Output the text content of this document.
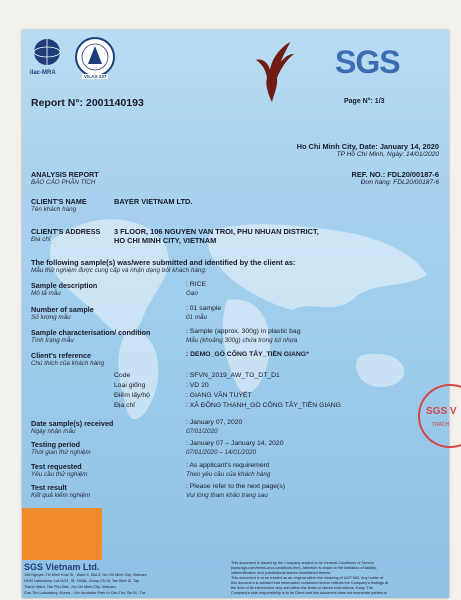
ilac-MRA
VILAS 237	SGS
Report N°: 2001140193	Page N°: 1/3
Ho Chi Minh City, Date: January 14, 2020
TP Hồ Chí Minh, Ngày: 14/01/2020
ANALYSIS REPORT
BÁO CÁO PHÂN TÍCH
REF. NO.: FDL20/00187-6
Đơn hàng: FDL20/00187-6
CLIENT'S NAME
Tên khách hàng
BAYER VIETNAM LTD.
CLIENT'S ADDRESS
Địa chỉ
3 FLOOR, 106 NGUYEN VAN TROI, PHU NHUAN DISTRICT,
HO CHI MINH CITY, VIETNAM
The following sample(s) was/were submitted and identified by the client as:
Mẫu thử nghiệm được cung cấp và nhận dạng bởi khách hàng:
Sample description
Mô tả mẫu
: RICE
Gạo
Number of sample
Số lượng mẫu
: 01 sample
01 mẫu
Sample characterisation/ condition
Tình trạng mẫu
: Sample (approx. 300g) in plastic bag
Mẫu (khoảng 300g) chứa trong túi nhựa
Client's reference
Chú thích của khách hàng
: DEMO_GÒ CÔNG TÂY_TIỀN GIANG*
Code	: SFVN_2019_AW_TG_DT_D1
Loại giống	: VD 20
Điểm lấy/hộ	: GIANG VĂN TUYẾT
Địa chỉ	: XÃ ĐỒNG THẠNH_GÒ CÔNG TÂY_TIỀN GIANG
Date sample(s) received
Ngày nhận mẫu
: January 07, 2020
07/01/2020
Testing period
Thời gian thử nghiệm
: January 07 – January 14, 2020
07/01/2020 – 14/01/2020
Test requested
Yêu cầu thử nghiệm
: As applicant's requirement
Theo yêu cầu của khách hàng
Test result
Kết quả kiểm nghiệm
: Please refer to the next page(s)
Vui lòng tham khảo trang sau
SGS Vietnam Ltd.
198 Nguyen Thi Minh Khai St., Ward 6, Dist.3, Ho Chi Minh City, Vietnam
HCM Laboratory: Lot III/21, St. 19/5A, Group CN III, Tan Binh IZ, Tay
Thanh Ward, Tan Phu Dist., Ho Chi Minh City, Vietnam
Can Tho Laboratory: Korea – Vin Incubator Park In Can Tho, Ba St., Tra
This document is issued by the Company subject to its General Conditions of Service
(www.sgs.com/terms-and-conditions.htm). Attention is drawn to the limitation of liability,
indemnification and jurisdictional issues established therein.
This document is to be treated as an original within the meaning of UCP 600. Any holder of
this document is advised that information contained hereon reflects the Company's findings at
the time of its intervention only and within the limits of client's instructions, if any. The
Company's sole responsibility is to its Client and this document does not exonerate parties to
SGS V
TRÁCH
